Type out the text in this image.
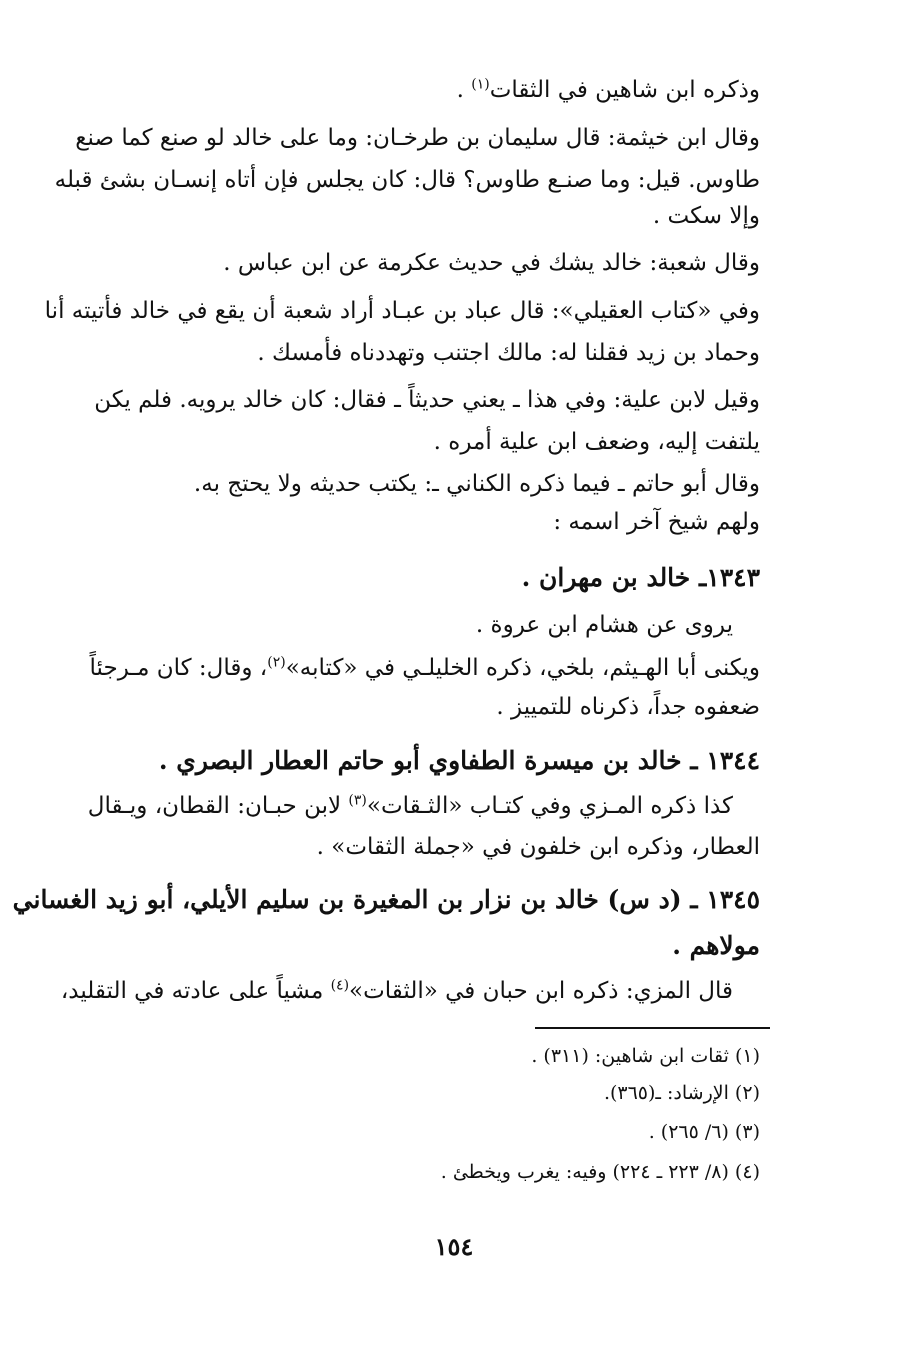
وذكره ابن شاهين في الثقات$^{(١)}$ .
وقال ابن خيثمة: قال سليمان بن طرخـان: وما على خالد لو صنع كما صنع
طاوس. قيل: وما صنـع طاوس؟ قال: كان يجلس فإن أتاه إنسـان بشئ قبله
وإلا سكت .
وقال شعبة: خالد يشك في حديث عكرمة عن ابن عباس .
وفي «كتاب العقيلي»: قال عباد بن عبـاد أراد شعبة أن يقع في خالد فأتيته أنا
وحماد بن زيد فقلنا له: مالك اجتنب وتهددناه فأمسك .
وقيل لابن علية: وفي هذا ـ يعني حديثاً ـ فقال: كان خالد يرويه. فلم يكن
يلتفت إليه، وضعف ابن علية أمره .
وقال أبو حاتم ـ فيما ذكره الكناني ـ: يكتب حديثه ولا يحتج به.
ولهم شيخ آخر اسمه :
١٣٤٣ـ خالد بن مهران .
يروى عن هشام ابن عروة .
ويكنى أبا الهـيثم، بلخي، ذكره الخليلـي في «كتابه»$^{(٢)}$، وقال: كان مـرجئاً
ضعفوه جداً، ذكرناه للتمييز .
١٣٤٤ ـ خالد بن ميسرة الطفاوي أبو حاتم العطار البصري .
كذا ذكره المـزي وفي كتـاب «الثـقات»$^{(٣)}$ لابن حبـان: القطان، ويـقال
العطار، وذكره ابن خلفون في «جملة الثقات» .
١٣٤٥ ـ (د س) خالد بن نزار بن المغيرة بن سليم الأيلي، أبو زيد الغساني
مولاهم .
قال المزي: ذكره ابن حبان في «الثقات»$^{(٤)}$ مشياً على عادته في التقليد،
(١) ثقات ابن شاهين: (٣١١) .
(٢) الإرشاد: ـ(٣٦٥).
(٣) (٦/ ٢٦٥) .
(٤) (٨/ ٢٢٣ ـ ٢٢٤) وفيه: يغرب ويخطئ .
١٥٤
